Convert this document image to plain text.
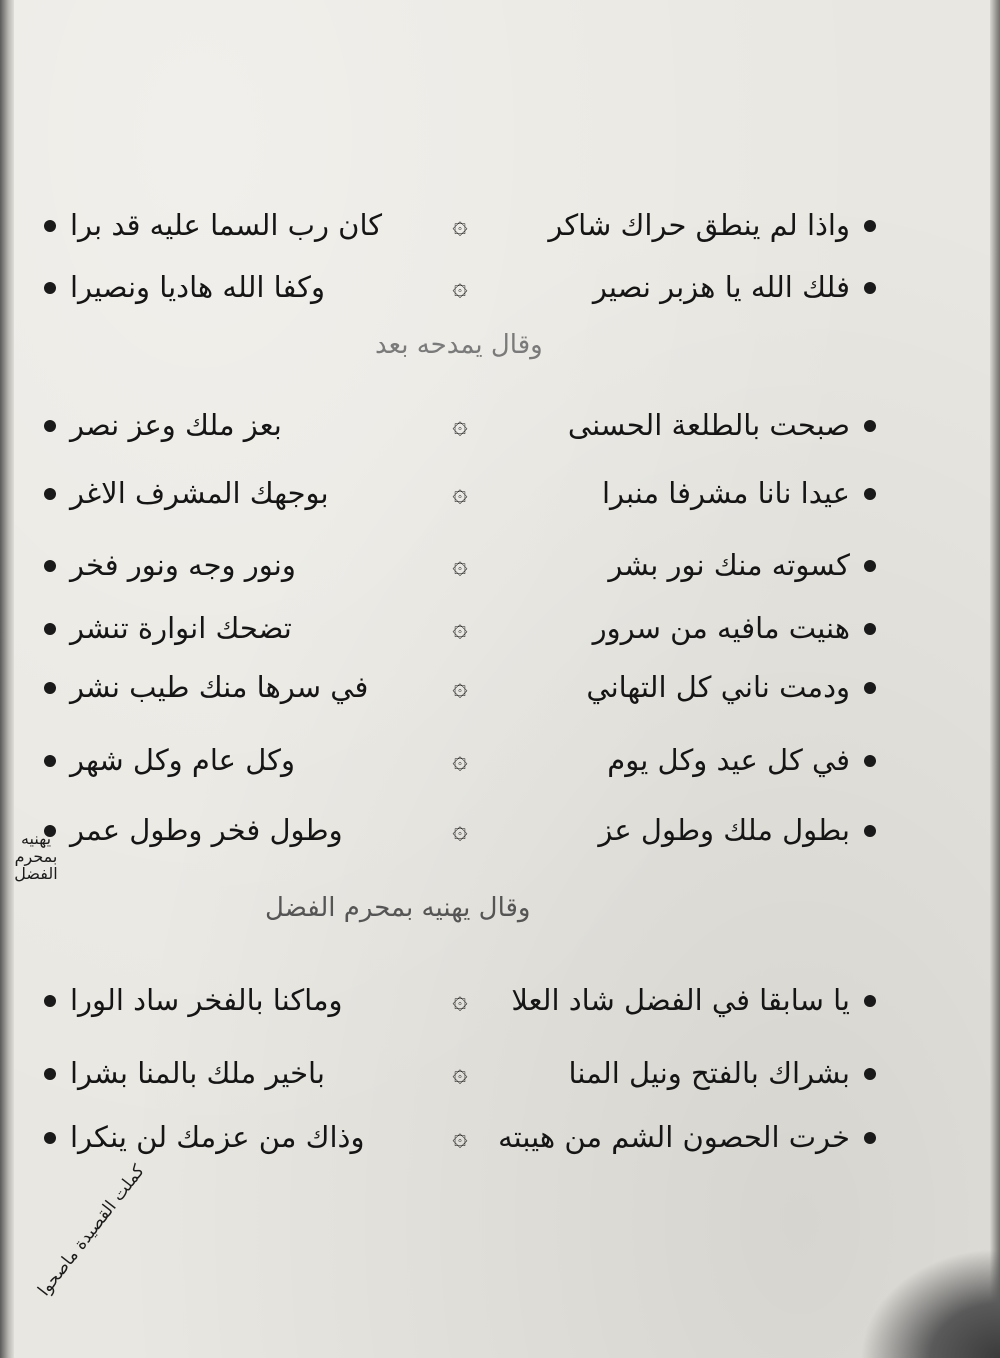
واذا لم ينطق حراك شاكر
۞
كان رب السما عليه قد برا
فلك الله يا هزبر نصير
۞
وكفا الله هاديا ونصيرا
وقال يمدحه بعد
صبحت بالطلعة الحسنى
۞
بعز ملك وعز نصر
عيدا نانا مشرفا منبرا
۞
بوجهك المشرف الاغر
كسوته منك نور بشر
۞
ونور وجه ونور فخر
هنيت مافيه من سرور
۞
تضحك انوارة تنشر
ودمت ناني كل التهاني
۞
في سرها منك طيب نشر
في كل عيد وكل يوم
۞
وكل عام وكل شهر
بطول ملك وطول عز
۞
وطول فخر وطول عمر
يهنيه بمحرم الفضل
وقال يهنيه بمحرم الفضل
يا سابقا في الفضل شاد العلا
۞
وماكنا بالفخر ساد الورا
بشراك بالفتح ونيل المنا
۞
باخير ملك بالمنا بشرا
خرت الحصون الشم من هيبته
۞
وذاك من عزمك لن ينكرا
كملت القصيدة ماصحوا
